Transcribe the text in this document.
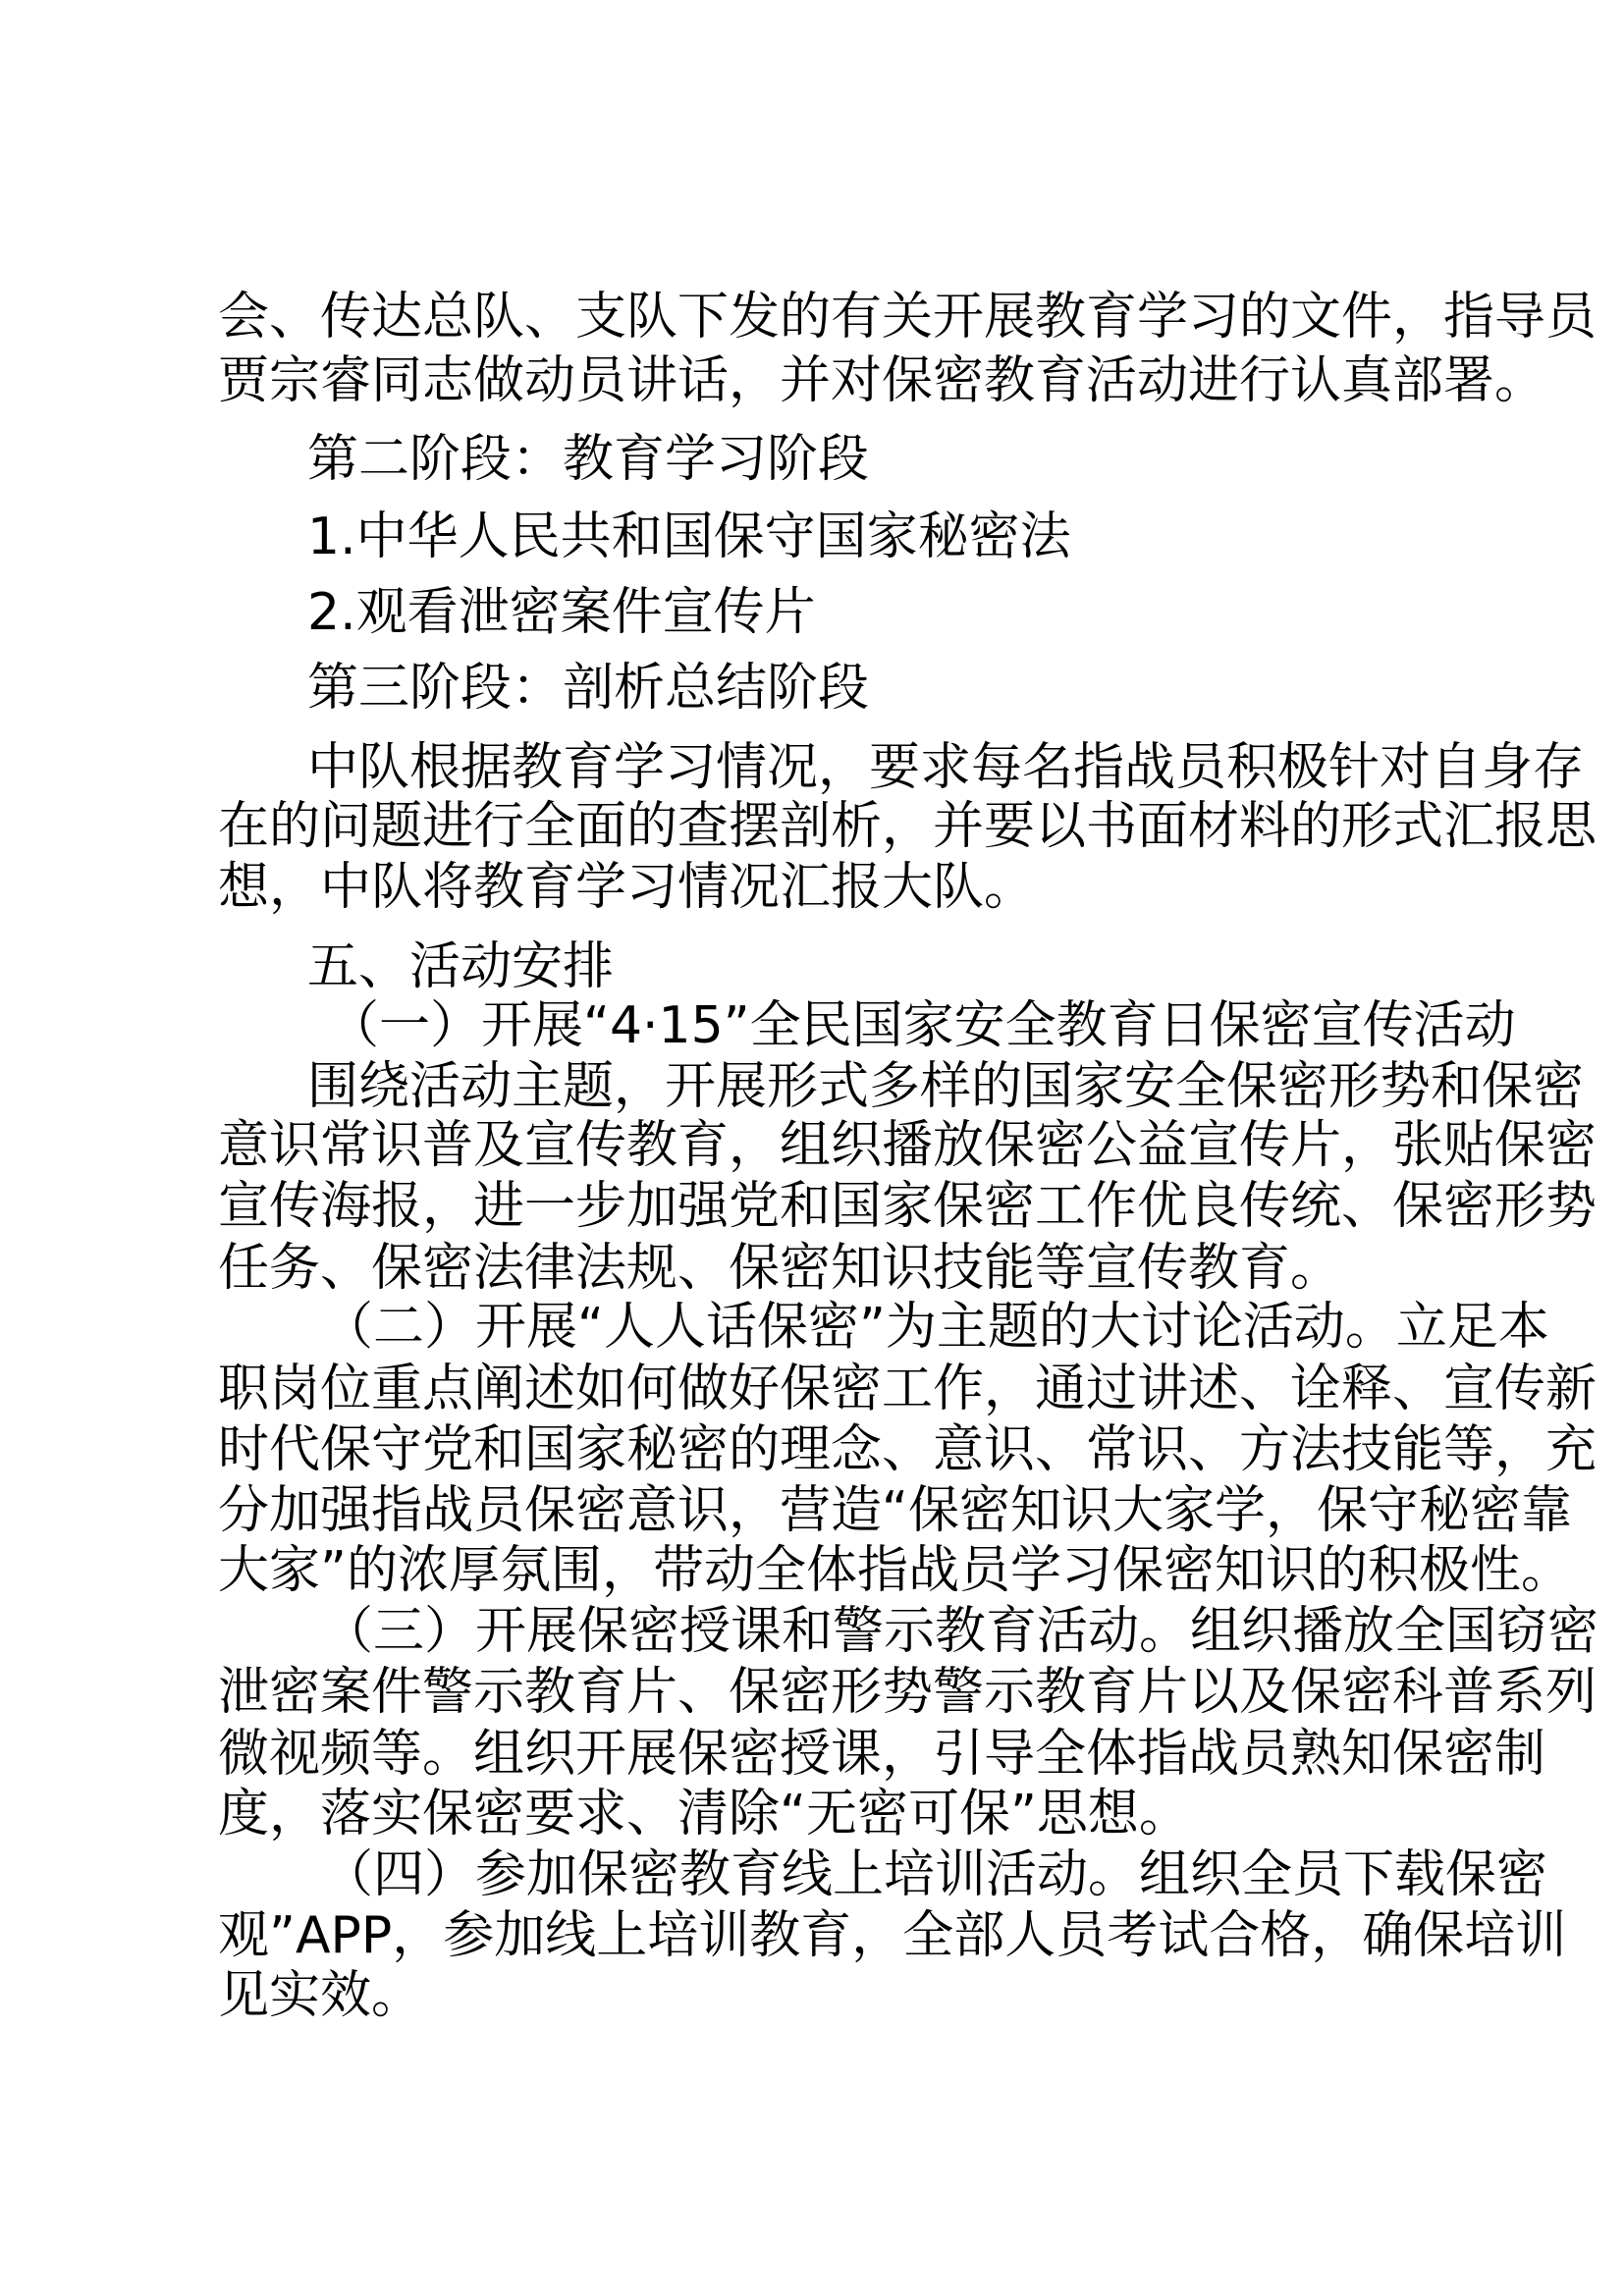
会、传达总队、支队下发的有关开展教育学习的文件，指导员
贾宗睿同志做动员讲话，并对保密教育活动进行认真部署。
第二阶段：教育学习阶段
1.中华人民共和国保守国家秘密法
2.观看泄密案件宣传片
第三阶段：剖析总结阶段
中队根据教育学习情况，要求每名指战员积极针对自身存
在的问题进行全面的查摆剖析，并要以书面材料的形式汇报思
想，中队将教育学习情况汇报大队。
五、活动安排
（一）开展“4·15”全民国家安全教育日保密宣传活动
围绕活动主题，开展形式多样的国家安全保密形势和保密
意识常识普及宣传教育，组织播放保密公益宣传片，张贴保密
宣传海报，进一步加强党和国家保密工作优良传统、保密形势
任务、保密法律法规、保密知识技能等宣传教育。
（二）开展“人人话保密”为主题的大讨论活动。立足本
职岗位重点阐述如何做好保密工作，通过讲述、诠释、宣传新
时代保守党和国家秘密的理念、意识、常识、方法技能等，充
分加强指战员保密意识，营造“保密知识大家学，保守秘密靠
大家”的浓厚氛围，带动全体指战员学习保密知识的积极性。
（三）开展保密授课和警示教育活动。组织播放全国窃密
泄密案件警示教育片、保密形势警示教育片以及保密科普系列
微视频等。组织开展保密授课，引导全体指战员熟知保密制
度，落实保密要求、清除“无密可保”思想。
（四）参加保密教育线上培训活动。组织全员下载保密
观”APP，参加线上培训教育，全部人员考试合格，确保培训
见实效。
